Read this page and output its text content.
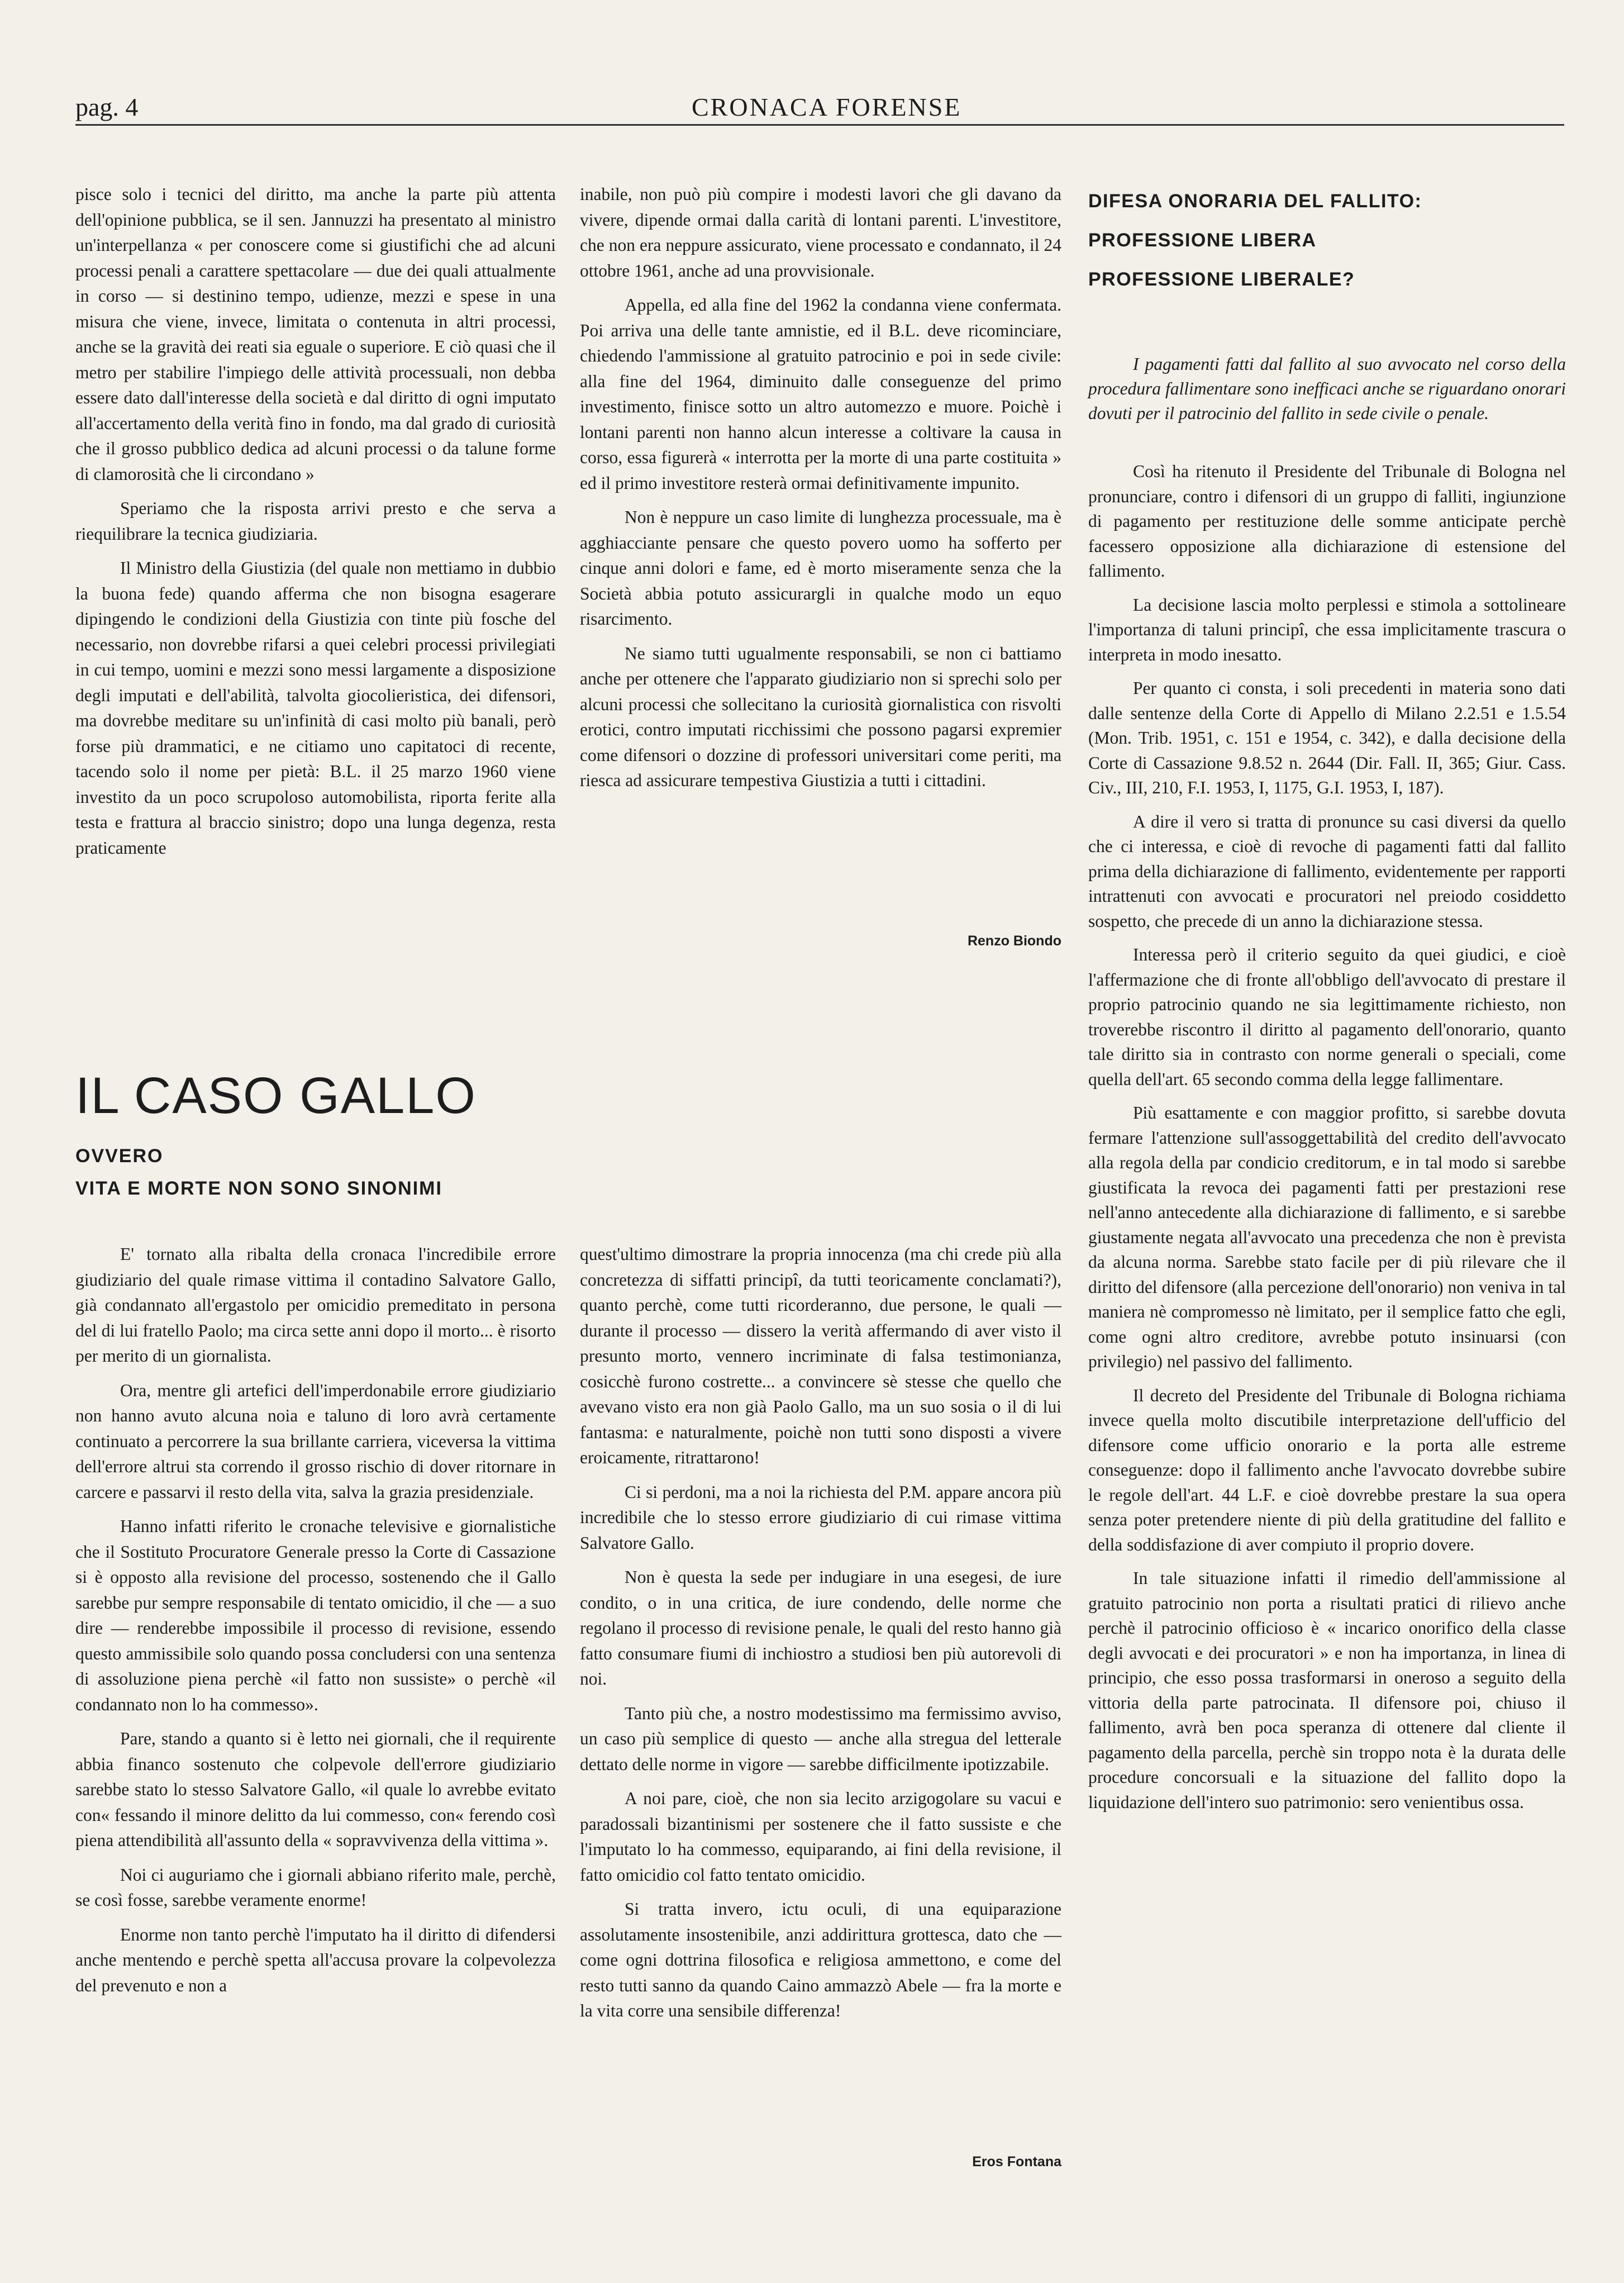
pag. 4	CRONACA FORENSE

pisce solo i tecnici del diritto, ma anche la parte più attenta dell'opinione pubblica, se il sen. Jannuzzi ha presentato al ministro un'interpellanza « per conoscere come si giustifichi che ad alcuni processi penali a carattere spettacolare — due dei quali attualmente in corso — si destinino tempo, udienze, mezzi e spese in una misura che viene, invece, limitata o contenuta in altri processi, anche se la gravità dei reati sia eguale o superiore. E ciò quasi che il metro per stabilire l'impiego delle attività processuali, non debba essere dato dall'interesse della società e dal diritto di ogni imputato all'accertamento della verità fino in fondo, ma dal grado di curiosità che il grosso pubblico dedica ad alcuni processi o da talune forme di clamorosità che li circondano »

Speriamo che la risposta arrivi presto e che serva a riequilibrare la tecnica giudiziaria.

Il Ministro della Giustizia (del quale non mettiamo in dubbio la buona fede) quando afferma che non bisogna esagerare dipingendo le condizioni della Giustizia con tinte più fosche del necessario, non dovrebbe rifarsi a quei celebri processi privilegiati in cui tempo, uomini e mezzi sono messi largamente a disposizione degli imputati e dell'abilità, talvolta giocolieristica, dei difensori, ma dovrebbe meditare su un'infinità di casi molto più banali, però forse più drammatici, e ne citiamo uno capitatoci di recente, tacendo solo il nome per pietà: B.L. il 25 marzo 1960 viene investito da un poco scrupoloso automobilista, riporta ferite alla testa e frattura al braccio sinistro; dopo una lunga degenza, resta praticamente

inabile, non può più compire i modesti lavori che gli davano da vivere, dipende ormai dalla carità di lontani parenti. L'investitore, che non era neppure assicurato, viene processato e condannato, il 24 ottobre 1961, anche ad una provvisionale.

Appella, ed alla fine del 1962 la condanna viene confermata. Poi arriva una delle tante amnistie, ed il B.L. deve ricominciare, chiedendo l'ammissione al gratuito patrocinio e poi in sede civile: alla fine del 1964, diminuito dalle conseguenze del primo investimento, finisce sotto un altro automezzo e muore. Poichè i lontani parenti non hanno alcun interesse a coltivare la causa in corso, essa figurerà « interrotta per la morte di una parte costituita » ed il primo investitore resterà ormai definitivamente impunito.

Non è neppure un caso limite di lunghezza processuale, ma è agghiacciante pensare che questo povero uomo ha sofferto per cinque anni dolori e fame, ed è morto miseramente senza che la Società abbia potuto assicurargli in qualche modo un equo risarcimento.

Ne siamo tutti ugualmente responsabili, se non ci battiamo anche per ottenere che l'apparato giudiziario non si sprechi solo per alcuni processi che sollecitano la curiosità giornalistica con risvolti erotici, contro imputati ricchissimi che possono pagarsi expremier come difensori o dozzine di professori universitari come periti, ma riesca ad assicurare tempestiva Giustizia a tutti i cittadini.

Renzo Biondo
IL CASO GALLO
OVVERO
VITA E MORTE NON SONO SINONIMI

E' tornato alla ribalta della cronaca l'incredibile errore giudiziario del quale rimase vittima il contadino Salvatore Gallo, già condannato all'ergastolo per omicidio premeditato in persona del di lui fratello Paolo; ma circa sette anni dopo il morto... è risorto per merito di un giornalista.

Ora, mentre gli artefici dell'imperdonabile errore giudiziario non hanno avuto alcuna noia e taluno di loro avrà certamente continuato a percorrere la sua brillante carriera, viceversa la vittima dell'errore altrui sta correndo il grosso rischio di dover ritornare in carcere e passarvi il resto della vita, salva la grazia presidenziale.

Hanno infatti riferito le cronache televisive e giornalistiche che il Sostituto Procuratore Generale presso la Corte di Cassazione si è opposto alla revisione del processo, sostenendo che il Gallo sarebbe pur sempre responsabile di tentato omicidio, il che — a suo dire — renderebbe impossibile il processo di revisione, essendo questo ammissibile solo quando possa concludersi con una sentenza di assoluzione piena perchè «il fatto non sussiste» o perchè «il condannato non lo ha commesso».

Pare, stando a quanto si è letto nei giornali, che il requirente abbia financo sostenuto che colpevole dell'errore giudiziario sarebbe stato lo stesso Salvatore Gallo, «il quale lo avrebbe evitato con« fessando il minore delitto da lui commesso, con« ferendo così piena attendibilità all'assunto della « sopravvivenza della vittima ».

Noi ci auguriamo che i giornali abbiano riferito male, perchè, se così fosse, sarebbe veramente enorme!

Enorme non tanto perchè l'imputato ha il diritto di difendersi anche mentendo e perchè spetta all'accusa provare la colpevolezza del prevenuto e non a

quest'ultimo dimostrare la propria innocenza (ma chi crede più alla concretezza di siffatti principî, da tutti teoricamente conclamati?), quanto perchè, come tutti ricorderanno, due persone, le quali — durante il processo — dissero la verità affermando di aver visto il presunto morto, vennero incriminate di falsa testimonianza, cosicchè furono costrette... a convincere sè stesse che quello che avevano visto era non già Paolo Gallo, ma un suo sosia o il di lui fantasma: e naturalmente, poichè non tutti sono disposti a vivere eroicamente, ritrattarono!

Ci si perdoni, ma a noi la richiesta del P.M. appare ancora più incredibile che lo stesso errore giudiziario di cui rimase vittima Salvatore Gallo.

Non è questa la sede per indugiare in una esegesi, de iure condito, o in una critica, de iure condendo, delle norme che regolano il processo di revisione penale, le quali del resto hanno già fatto consumare fiumi di inchiostro a studiosi ben più autorevoli di noi.

Tanto più che, a nostro modestissimo ma fermissimo avviso, un caso più semplice di questo — anche alla stregua del letterale dettato delle norme in vigore — sarebbe difficilmente ipotizzabile.

A noi pare, cioè, che non sia lecito arzigogolare su vacui e paradossali bizantinismi per sostenere che il fatto sussiste e che l'imputato lo ha commesso, equiparando, ai fini della revisione, il fatto omicidio col fatto tentato omicidio.

Si tratta invero, ictu oculi, di una equiparazione assolutamente insostenibile, anzi addirittura grottesca, dato che — come ogni dottrina filosofica e religiosa ammettono, e come del resto tutti sanno da quando Caino ammazzò Abele — fra la morte e la vita corre una sensibile differenza!

Eros Fontana
DIFESA ONORARIA DEL FALLITO:
PROFESSIONE LIBERA
PROFESSIONE LIBERALE?

I pagamenti fatti dal fallito al suo avvocato nel corso della procedura fallimentare sono inefficaci anche se riguardano onorari dovuti per il patrocinio del fallito in sede civile o penale.

Così ha ritenuto il Presidente del Tribunale di Bologna nel pronunciare, contro i difensori di un gruppo di falliti, ingiunzione di pagamento per restituzione delle somme anticipate perchè facessero opposizione alla dichiarazione di estensione del fallimento.

La decisione lascia molto perplessi e stimola a sottolineare l'importanza di taluni principî, che essa implicitamente trascura o interpreta in modo inesatto.

Per quanto ci consta, i soli precedenti in materia sono dati dalle sentenze della Corte di Appello di Milano 2.2.51 e 1.5.54 (Mon. Trib. 1951, c. 151 e 1954, c. 342), e dalla decisione della Corte di Cassazione 9.8.52 n. 2644 (Dir. Fall. II, 365; Giur. Cass. Civ., III, 210, F.I. 1953, I, 1175, G.I. 1953, I, 187).

A dire il vero si tratta di pronunce su casi diversi da quello che ci interessa, e cioè di revoche di pagamenti fatti dal fallito prima della dichiarazione di fallimento, evidentemente per rapporti intrattenuti con avvocati e procuratori nel preiodo cosiddetto sospetto, che precede di un anno la dichiarazione stessa.

Interessa però il criterio seguito da quei giudici, e cioè l'affermazione che di fronte all'obbligo dell'avvocato di prestare il proprio patrocinio quando ne sia legittimamente richiesto, non troverebbe riscontro il diritto al pagamento dell'onorario, quanto tale diritto sia in contrasto con norme generali o speciali, come quella dell'art. 65 secondo comma della legge fallimentare.

Più esattamente e con maggior profitto, si sarebbe dovuta fermare l'attenzione sull'assoggettabilità del credito dell'avvocato alla regola della par condicio creditorum, e in tal modo si sarebbe giustificata la revoca dei pagamenti fatti per prestazioni rese nell'anno antecedente alla dichiarazione di fallimento, e si sarebbe giustamente negata all'avvocato una precedenza che non è prevista da alcuna norma. Sarebbe stato facile per di più rilevare che il diritto del difensore (alla percezione dell'onorario) non veniva in tal maniera nè compromesso nè limitato, per il semplice fatto che egli, come ogni altro creditore, avrebbe potuto insinuarsi (con privilegio) nel passivo del fallimento.

Il decreto del Presidente del Tribunale di Bologna richiama invece quella molto discutibile interpretazione dell'ufficio del difensore come ufficio onorario e la porta alle estreme conseguenze: dopo il fallimento anche l'avvocato dovrebbe subire le regole dell'art. 44 L.F. e cioè dovrebbe prestare la sua opera senza poter pretendere niente di più della gratitudine del fallito e della soddisfazione di aver compiuto il proprio dovere.

In tale situazione infatti il rimedio dell'ammissione al gratuito patrocinio non porta a risultati pratici di rilievo anche perchè il patrocinio officioso è « incarico onorifico della classe degli avvocati e dei procuratori » e non ha importanza, in linea di principio, che esso possa trasformarsi in oneroso a seguito della vittoria della parte patrocinata. Il difensore poi, chiuso il fallimento, avrà ben poca speranza di ottenere dal cliente il pagamento della parcella, perchè sin troppo nota è la durata delle procedure concorsuali e la situazione del fallito dopo la liquidazione dell'intero suo patrimonio: sero venientibus ossa.
